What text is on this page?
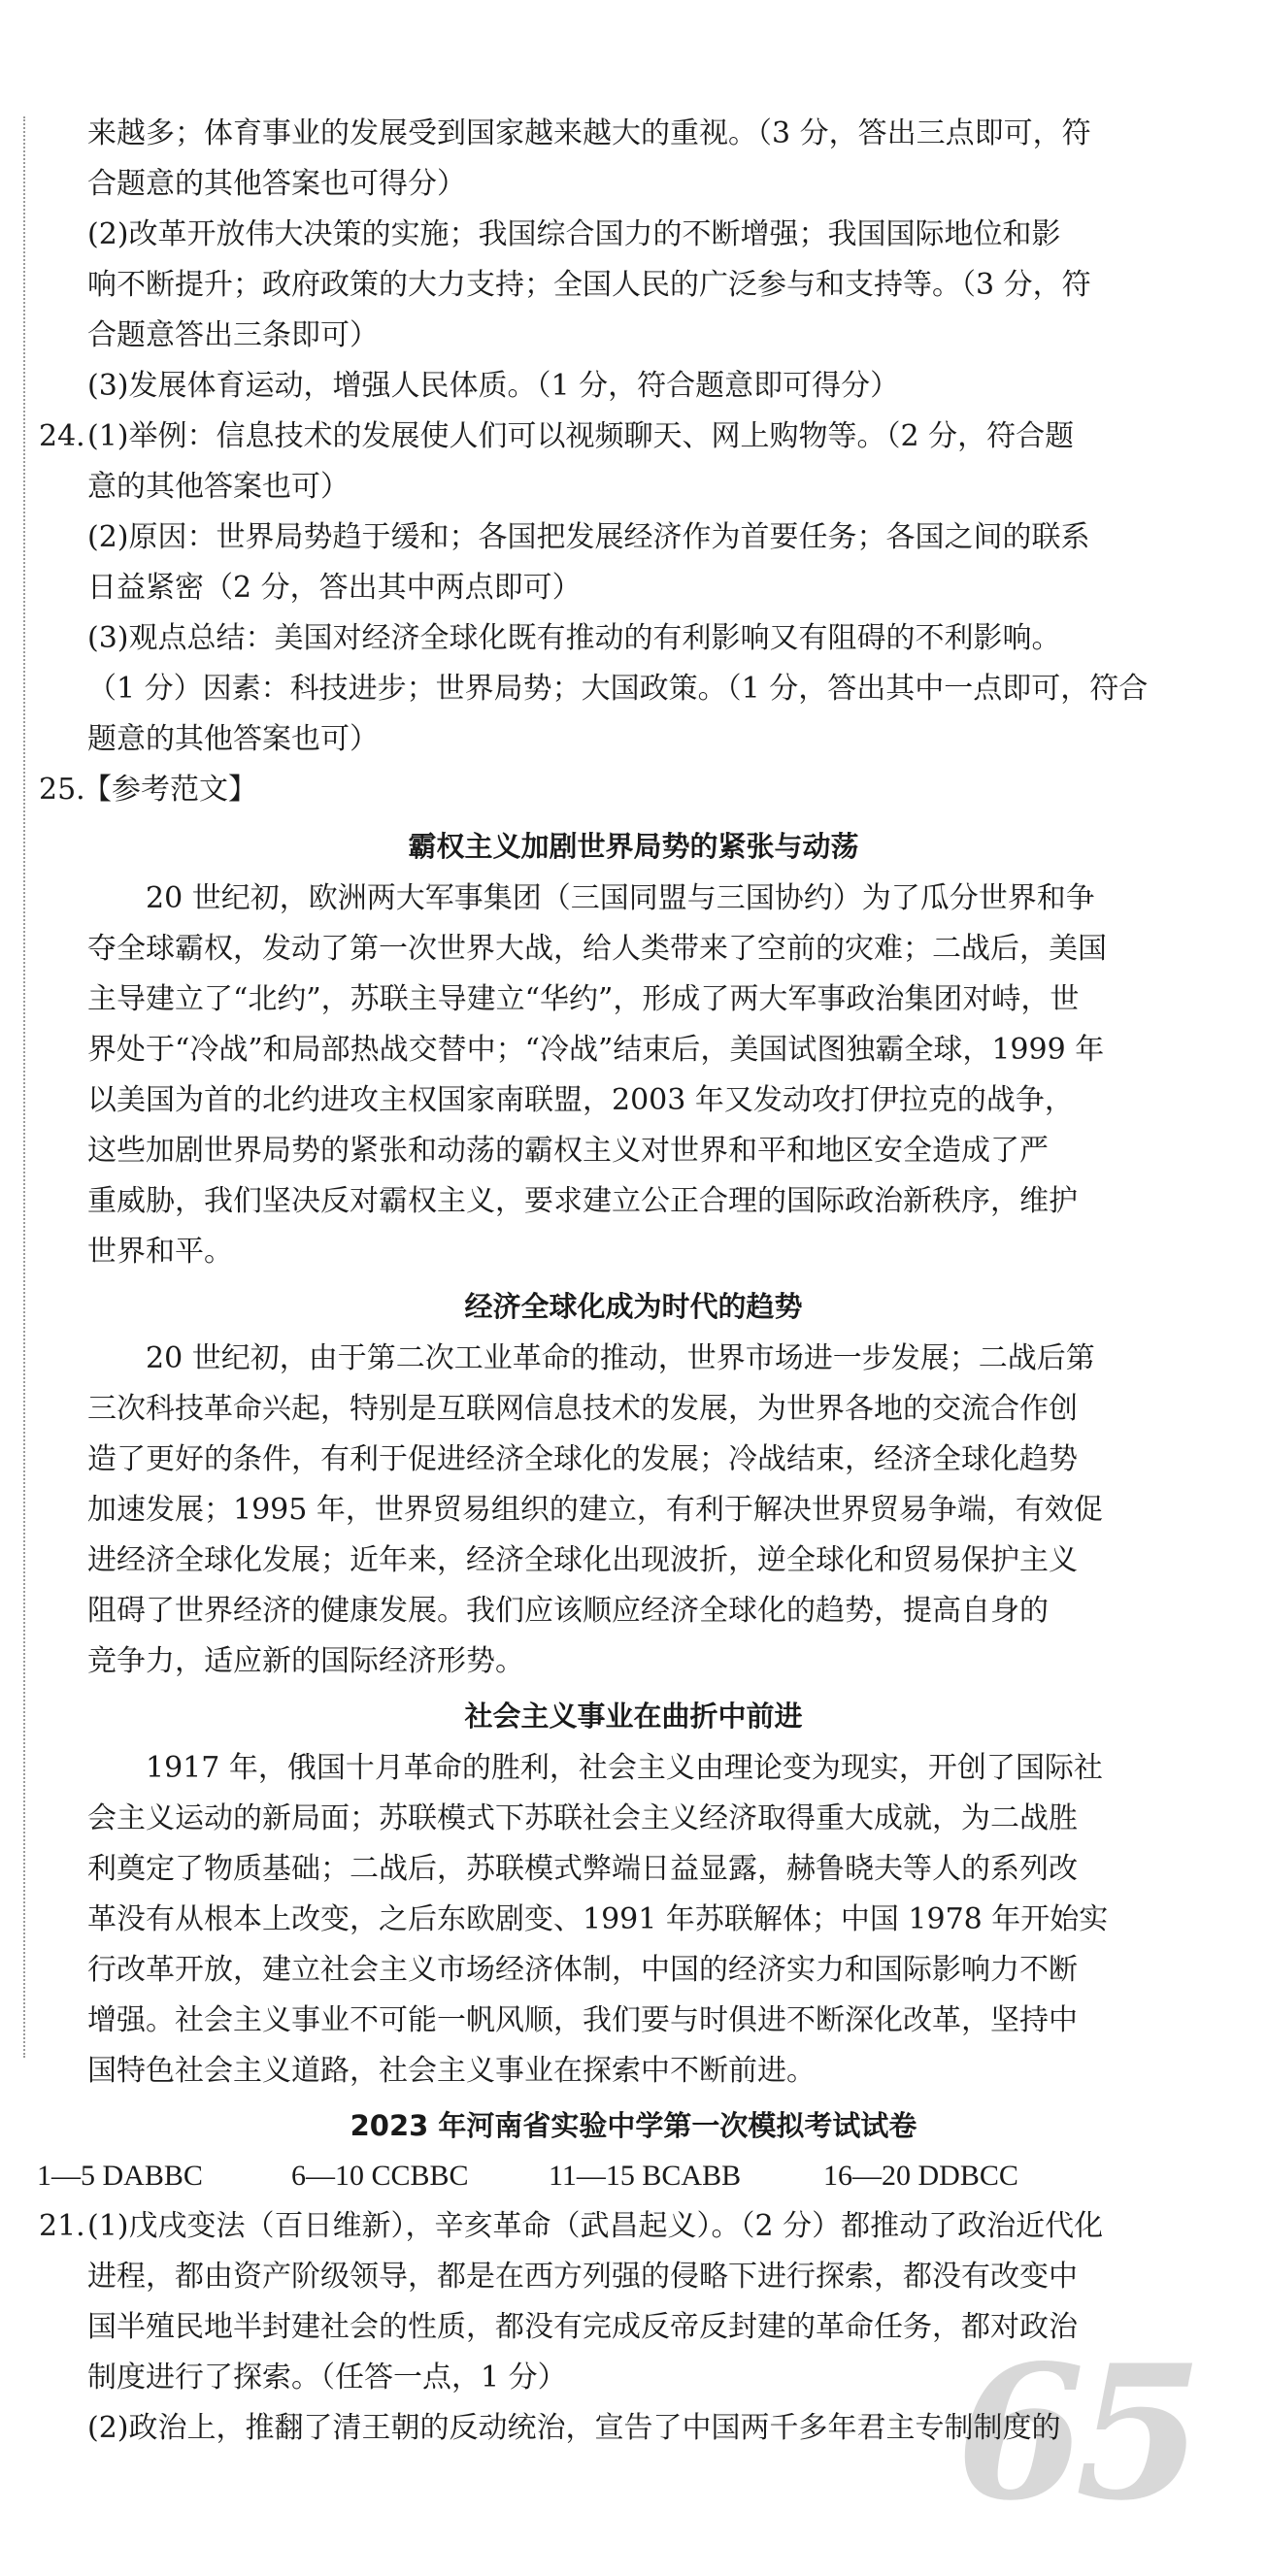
65
来越多；体育事业的发展受到国家越来越大的重视。（3 分，答出三点即可，符
合题意的其他答案也可得分）
(2)改革开放伟大决策的实施；我国综合国力的不断增强；我国国际地位和影
响不断提升；政府政策的大力支持；全国人民的广泛参与和支持等。（3 分，符
合题意答出三条即可）
(3)发展体育运动，增强人民体质。（1 分，符合题意即可得分）
24. (1)举例：信息技术的发展使人们可以视频聊天、网上购物等。（2 分，符合题
意的其他答案也可）
(2)原因：世界局势趋于缓和；各国把发展经济作为首要任务；各国之间的联系
日益紧密（2 分，答出其中两点即可）
(3)观点总结：美国对经济全球化既有推动的有利影响又有阻碍的不利影响。
（1 分）因素：科技进步；世界局势；大国政策。（1 分，答出其中一点即可，符合
题意的其他答案也可）
25.
【参考范文】
霸权主义加剧世界局势的紧张与动荡
20 世纪初，欧洲两大军事集团（三国同盟与三国协约）为了瓜分世界和争
夺全球霸权，发动了第一次世界大战，给人类带来了空前的灾难；二战后，美国
主导建立了“北约”，苏联主导建立“华约”，形成了两大军事政治集团对峙，世
界处于“冷战”和局部热战交替中；“冷战”结束后，美国试图独霸全球，1999 年
以美国为首的北约进攻主权国家南联盟，2003 年又发动攻打伊拉克的战争，
这些加剧世界局势的紧张和动荡的霸权主义对世界和平和地区安全造成了严
重威胁，我们坚决反对霸权主义，要求建立公正合理的国际政治新秩序，维护
世界和平。
经济全球化成为时代的趋势
20 世纪初，由于第二次工业革命的推动，世界市场进一步发展；二战后第
三次科技革命兴起，特别是互联网信息技术的发展，为世界各地的交流合作创
造了更好的条件，有利于促进经济全球化的发展；冷战结束，经济全球化趋势
加速发展；1995 年，世界贸易组织的建立，有利于解决世界贸易争端，有效促
进经济全球化发展；近年来，经济全球化出现波折，逆全球化和贸易保护主义
阻碍了世界经济的健康发展。我们应该顺应经济全球化的趋势，提高自身的
竞争力，适应新的国际经济形势。
社会主义事业在曲折中前进
1917 年，俄国十月革命的胜利，社会主义由理论变为现实，开创了国际社
会主义运动的新局面；苏联模式下苏联社会主义经济取得重大成就，为二战胜
利奠定了物质基础；二战后，苏联模式弊端日益显露，赫鲁晓夫等人的系列改
革没有从根本上改变，之后东欧剧变、1991 年苏联解体；中国 1978 年开始实
行改革开放，建立社会主义市场经济体制，中国的经济实力和国际影响力不断
增强。社会主义事业不可能一帆风顺，我们要与时俱进不断深化改革，坚持中
国特色社会主义道路，社会主义事业在探索中不断前进。
2023 年河南省实验中学第一次模拟考试试卷
1—5 DABBC	6—10 CCBBC	11—15 BCABB	16—20 DDBCC
21. (1)戊戌变法（百日维新），辛亥革命（武昌起义）。（2 分）都推动了政治近代化
进程，都由资产阶级领导，都是在西方列强的侵略下进行探索，都没有改变中
国半殖民地半封建社会的性质，都没有完成反帝反封建的革命任务，都对政治
制度进行了探索。（任答一点，1 分）
(2)政治上，推翻了清王朝的反动统治，宣告了中国两千多年君主专制制度的
